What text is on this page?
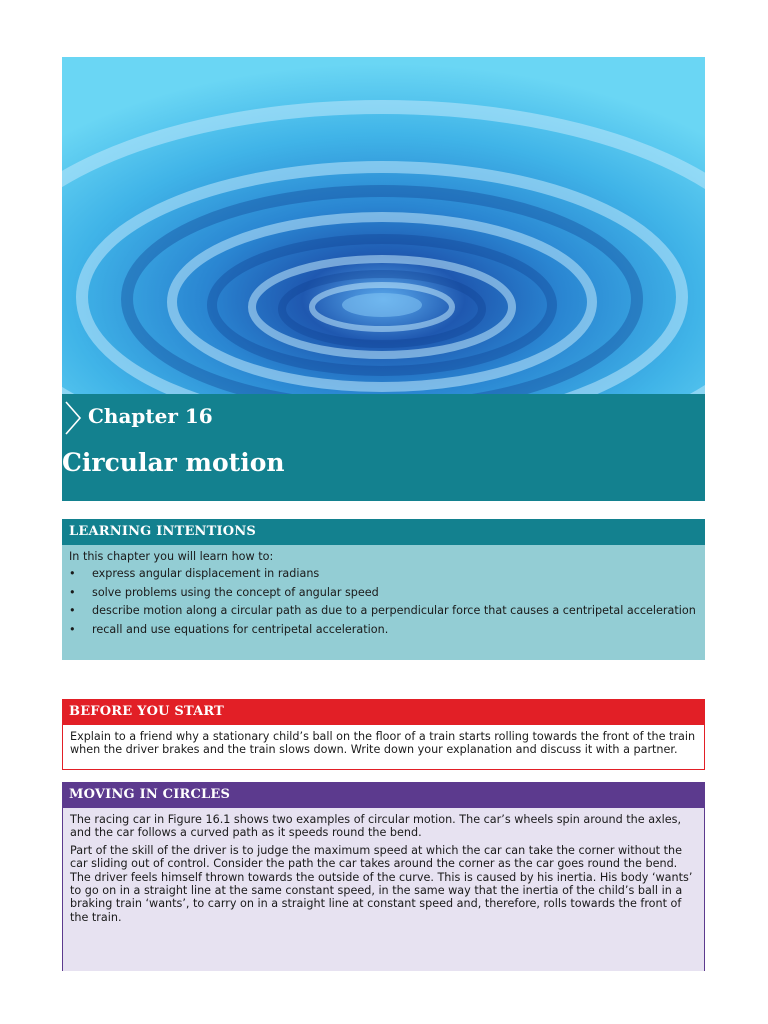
Chapter 16
Circular motion
LEARNING INTENTIONS
In this chapter you will learn how to:
• express angular displacement in radians
• solve problems using the concept of angular speed
• describe motion along a circular path as due to a perpendicular force that causes a centripetal acceleration
• recall and use equations for centripetal acceleration.
BEFORE YOU START
Explain to a friend why a stationary child’s ball on the floor of a train starts rolling towards the front of the train when the driver brakes and the train slows down. Write down your explanation and discuss it with a partner.
MOVING IN CIRCLES

The racing car in Figure 16.1 shows two examples of circular motion. The car’s wheels spin around the axles, and the car follows a curved path as it speeds round the bend.

Part of the skill of the driver is to judge the maximum speed at which the car can take the corner without the car sliding out of control. Consider the path the car takes around the corner as the car goes round the bend. The driver feels himself thrown towards the outside of the curve. This is caused by his inertia. His body ‘wants’ to go on in a straight line at the same constant speed, in the same way that the inertia of the child’s ball in a braking train ‘wants’, to carry on in a straight line at constant speed and, therefore, rolls towards the front of the train.
